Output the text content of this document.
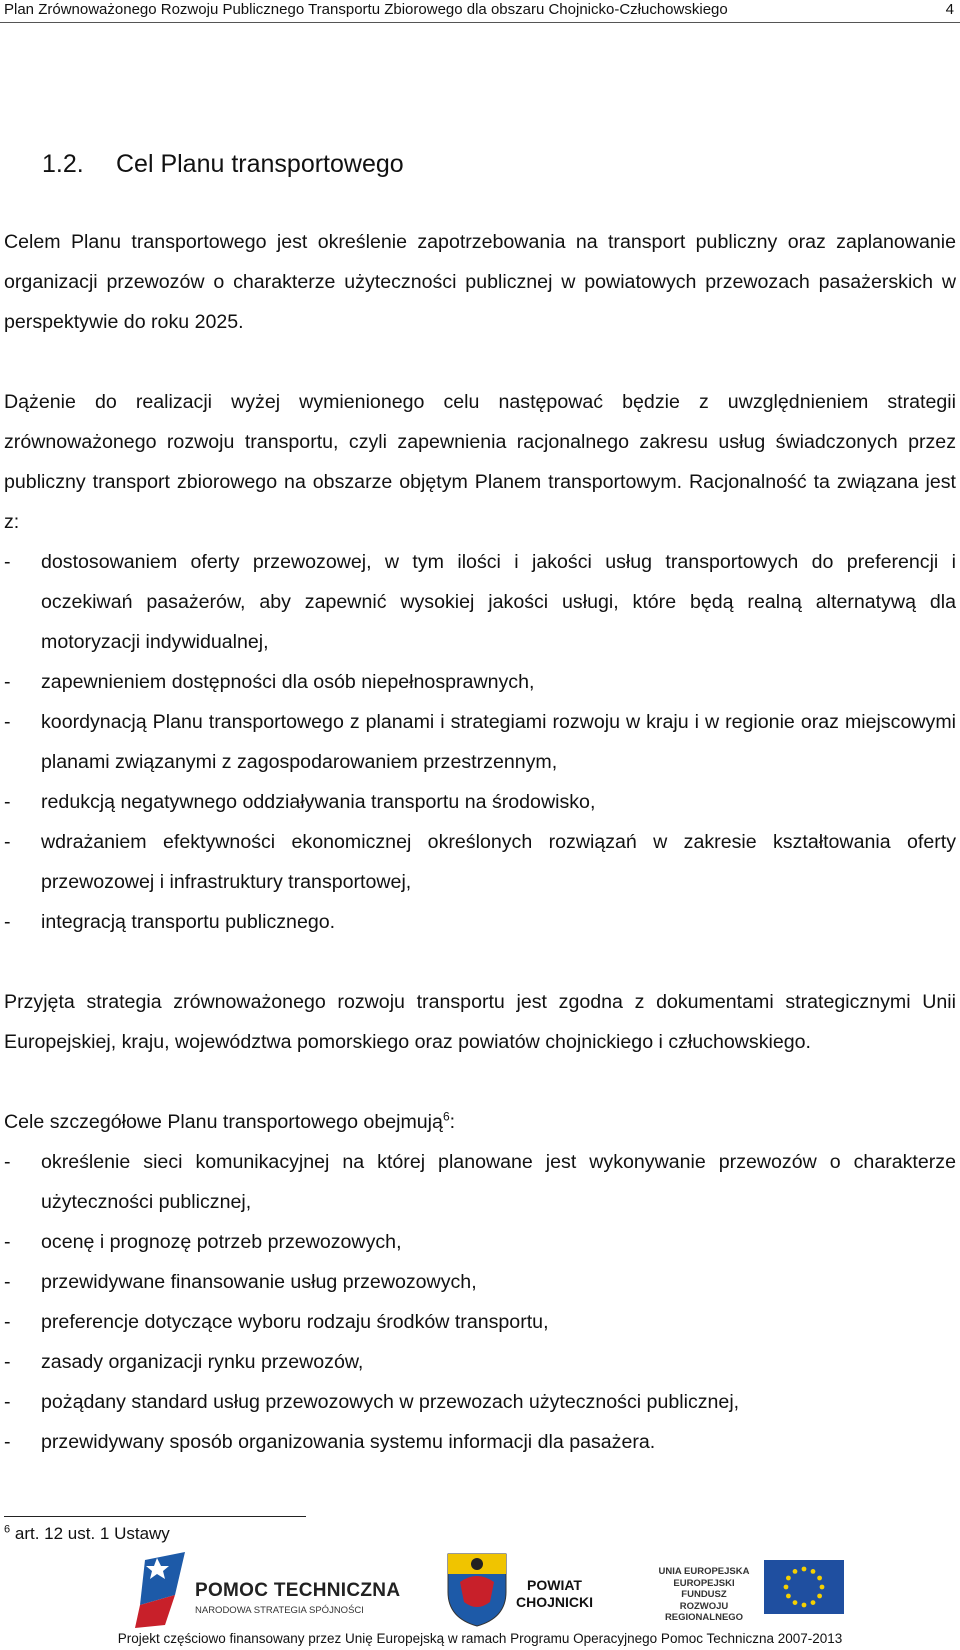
Plan Zrównoważonego Rozwoju Publicznego Transportu Zbiorowego dla obszaru Chojnicko-Człuchowskiego	4
1.2. Cel Planu transportowego

Celem Planu transportowego jest określenie zapotrzebowania na transport publiczny oraz zaplanowanie organizacji przewozów o charakterze użyteczności publicznej w powiatowych przewozach pasażerskich w perspektywie do roku 2025.

Dążenie do realizacji wyżej wymienionego celu następować będzie z uwzględnieniem strategii zrównoważonego rozwoju transportu, czyli zapewnienia racjonalnego zakresu usług świadczonych przez publiczny transport zbiorowego na obszarze objętym Planem transportowym. Racjonalność ta związana jest z:

- dostosowaniem oferty przewozowej, w tym ilości i jakości usług transportowych do preferencji i oczekiwań pasażerów, aby zapewnić wysokiej jakości usługi, które będą realną alternatywą dla motoryzacji indywidualnej,
- zapewnieniem dostępności dla osób niepełnosprawnych,
- koordynacją Planu transportowego z planami i strategiami rozwoju w kraju i w regionie oraz miejscowymi planami związanymi z zagospodarowaniem przestrzennym,
- redukcją negatywnego oddziaływania transportu na środowisko,
- wdrażaniem efektywności ekonomicznej określonych rozwiązań w zakresie kształtowania oferty przewozowej i infrastruktury transportowej,
- integracją transportu publicznego.

Przyjęta strategia zrównoważonego rozwoju transportu jest zgodna z dokumentami strategicznymi Unii Europejskiej, kraju, województwa pomorskiego oraz powiatów chojnickiego i człuchowskiego.

Cele szczegółowe Planu transportowego obejmują$^6$:

- określenie sieci komunikacyjnej na której planowane jest wykonywanie przewozów o charakterze użyteczności publicznej,
- ocenę i prognozę potrzeb przewozowych,
- przewidywane finansowanie usług przewozowych,
- preferencje dotyczące wyboru rodzaju środków transportu,
- zasady organizacji rynku przewozów,
- pożądany standard usług przewozowych w przewozach użyteczności publicznej,
- przewidywany sposób organizowania systemu informacji dla pasażera.
$^6$ art. 12 ust. 1 Ustawy
POMOC TECHNICZNA
NARODOWA STRATEGIA SPÓJNOŚCI
POWIAT
CHOJNICKI
UNIA EUROPEJSKA
EUROPEJSKI FUNDUSZ
ROZWOJU REGIONALNEGO
Projekt częściowo finansowany przez Unię Europejską w ramach Programu Operacyjnego Pomoc Techniczna 2007-2013
